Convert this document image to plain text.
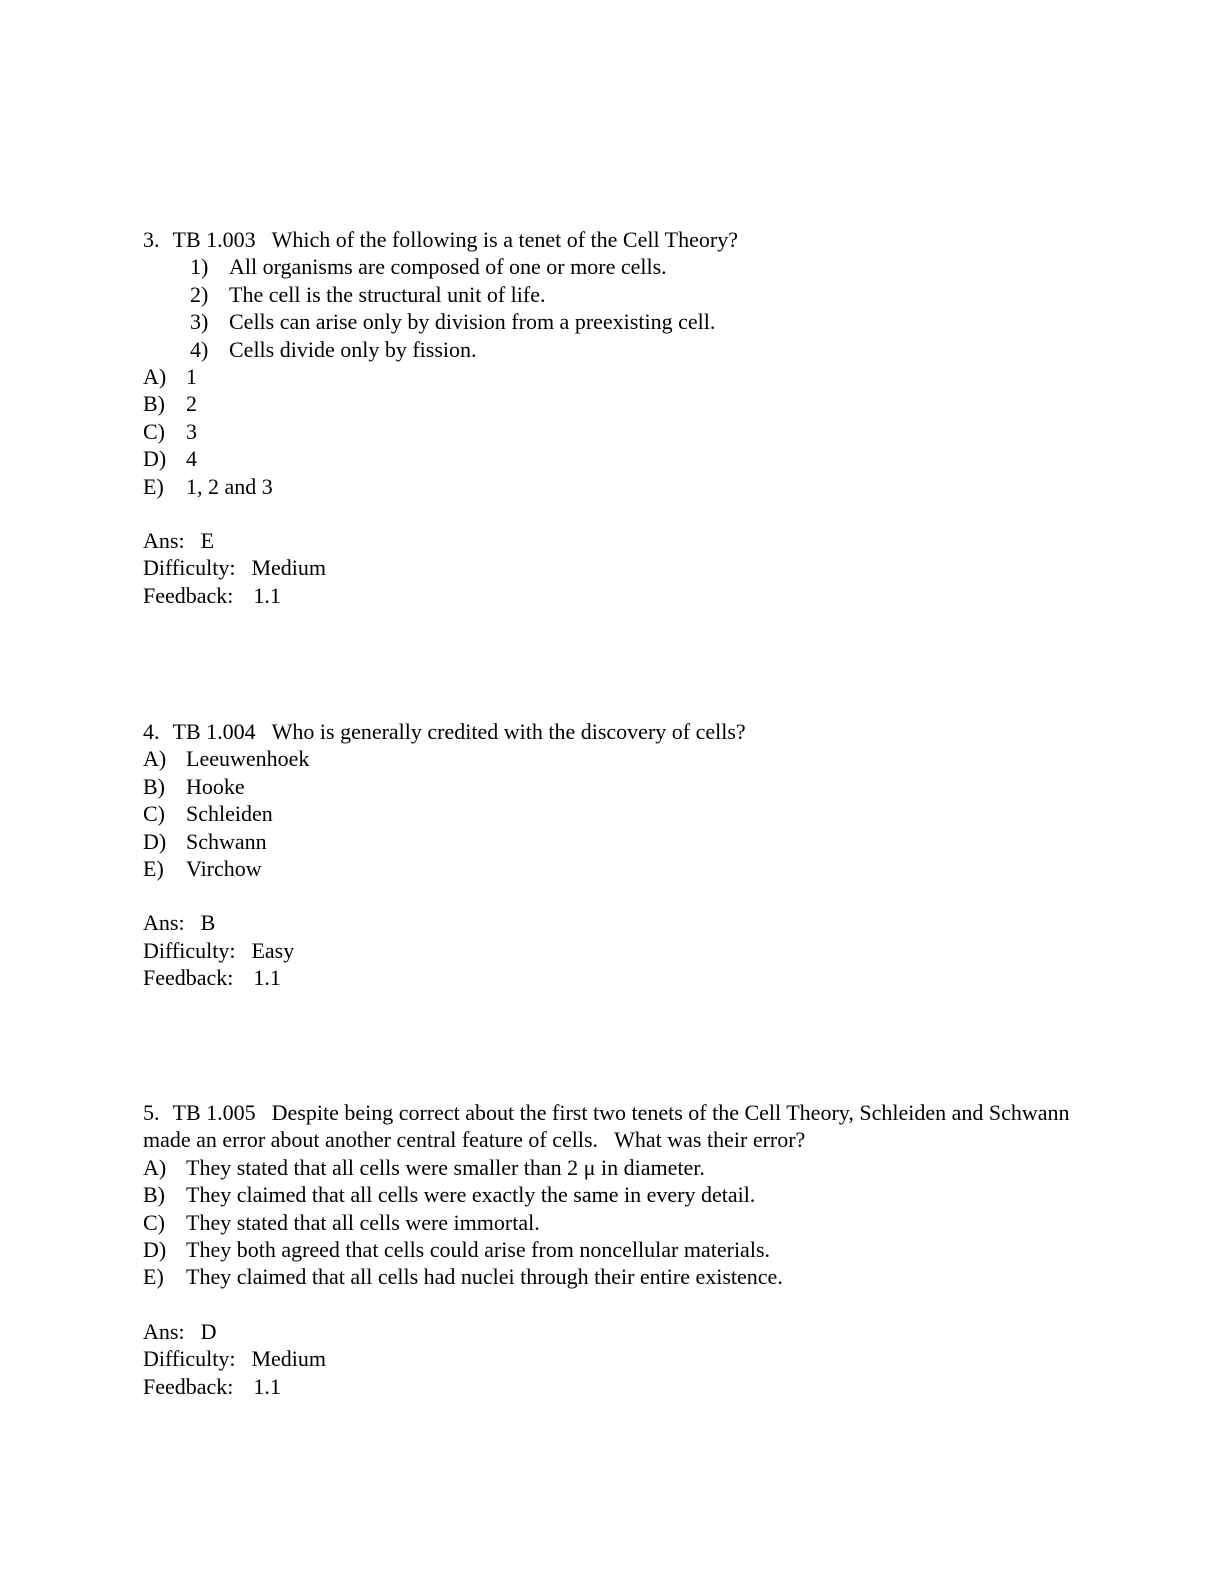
3. TB 1.003 Which of the following is a tenet of the Cell Theory?

1) All organisms are composed of one or more cells.
2) The cell is the structural unit of life.
3) Cells can arise only by division from a preexisting cell.
4) Cells divide only by fission.
A) 1
B) 2
C) 3
D) 4
E)	1, 2 and 3
Ans: E
Difficulty: Medium
Feedback: 1.1

4. TB 1.004 Who is generally credited with the discovery of cells?

A) Leeuwenhoek
B) Hooke
C) Schleiden
D) Schwann
E)	Virchow
Ans: B
Difficulty: Easy
Feedback: 1.1

5. TB 1.005 Despite being correct about the first two tenets of the Cell Theory, Schleiden and Schwann made an error about another central feature of cells.   What was their error?

A) They stated that all cells were smaller than 2 μ in diameter.
B) They claimed that all cells were exactly the same in every detail.
C) They stated that all cells were immortal.
D) They both agreed that cells could arise from noncellular materials.
E)	They claimed that all cells had nuclei through their entire existence.
Ans: D
Difficulty: Medium
Feedback: 1.1
